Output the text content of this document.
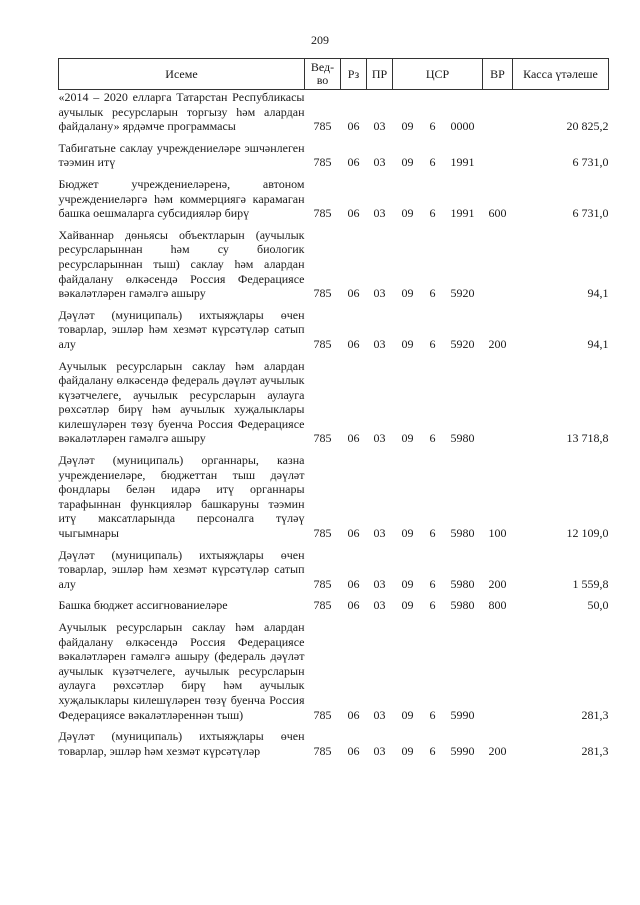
209
Исеме	Вед-во	Рз	ПР	ЦСР			ВР	Касса үтәлеше

«2014 – 2020 елларга Татарстан Республикасы аучылык ресурсларын торгызу һәм алардан файдалану» ярдәмче программасы	785	06	03	09	6	0000		20 825,2

Табигатьне саклау учреждениеләре эшчәнлеген тәэмин итү	785	06	03	09	6	1991		6 731,0

Бюджет учреждениеләренә, автоном учреждениеләргә һәм коммерциягә карамаган башка оешмаларга субсидияләр бирү	785	06	03	09	6	1991	600	6 731,0

Хайваннар дөньясы объектларын (аучылык ресурсларыннан һәм су биологик ресурсларыннан тыш) саклау һәм алардан файдалану өлкәсендә Россия Федерациясе вәкаләтләрен гамәлгә ашыру	785	06	03	09	6	5920		94,1

Дәүләт (муниципаль) ихтыяҗлары өчен товарлар, эшләр һәм хезмәт күрсәтүләр сатып алу	785	06	03	09	6	5920	200	94,1

Аучылык ресурсларын саклау һәм алардан файдалану өлкәсендә федераль дәүләт аучылык күзәтчелеге, аучылык ресурсларын аулауга рөхсәтләр бирү һәм аучылык хуҗалыклары килешүләрен төзү буенча Россия Федерациясе вәкаләтләрен гамәлгә ашыру	785	06	03	09	6	5980		13 718,8

Дәүләт (муниципаль) органнары, казна учреждениеләре, бюджеттан тыш дәүләт фондлары белән идарә итү органнары тарафыннан функцияләр башкаруны тәэмин итү максатларында персоналга түләү чыгымнары	785	06	03	09	6	5980	100	12 109,0

Дәүләт (муниципаль) ихтыяҗлары өчен товарлар, эшләр һәм хезмәт күрсәтүләр сатып алу	785	06	03	09	6	5980	200	1 559,8

Башка бюджет ассигнованиеләре	785	06	03	09	6	5980	800	50,0

Аучылык ресурсларын саклау һәм алардан файдалану өлкәсендә Россия Федерациясе вәкаләтләрен гамәлгә ашыру (федераль дәүләт аучылык күзәтчелеге, аучылык ресурсларын аулауга рөхсәтләр бирү һәм аучылык хуҗалыклары килешүләрен төзү буенча Россия Федерациясе вәкаләтләреннән тыш)	785	06	03	09	6	5990		281,3

Дәүләт (муниципаль) ихтыяҗлары өчен товарлар, эшләр һәм хезмәт күрсәтүләр	785	06	03	09	6	5990	200	281,3
